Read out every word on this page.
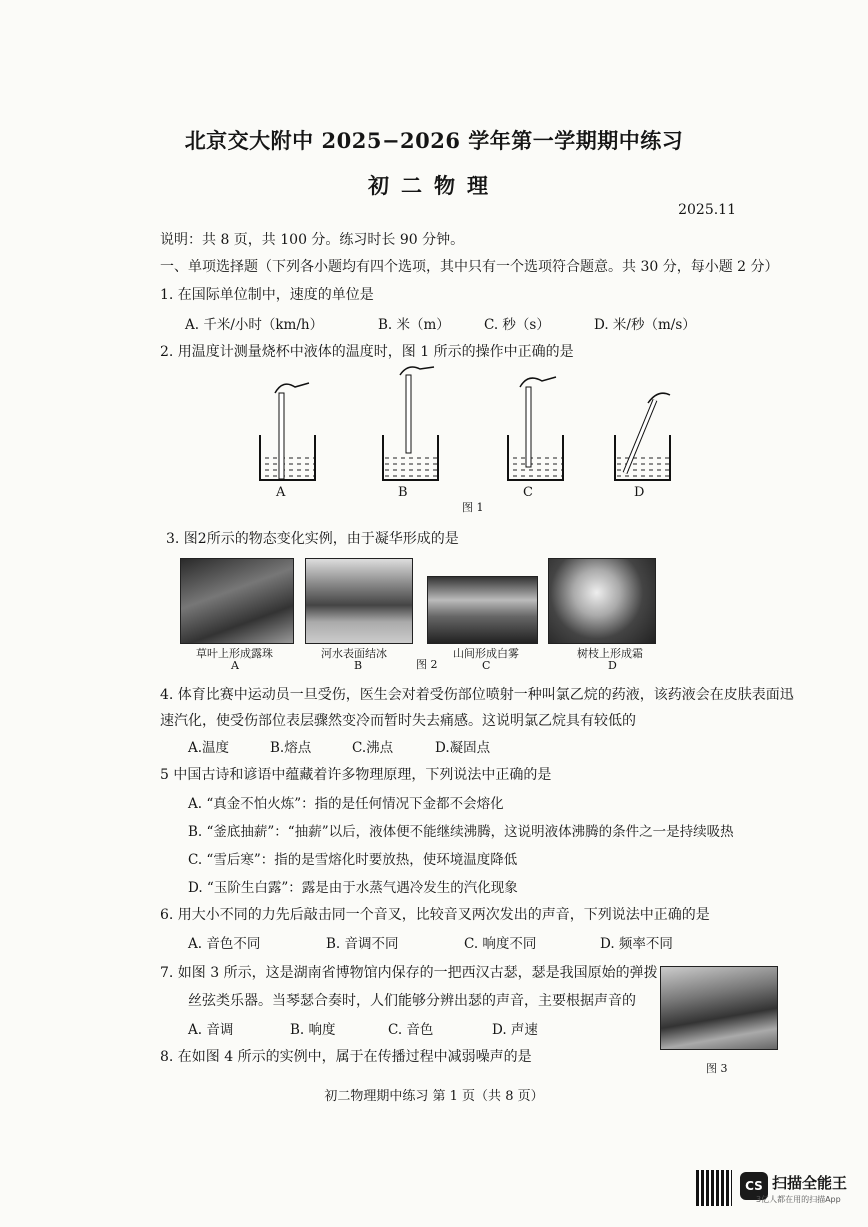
北京交大附中 2025−2026 学年第一学期期中练习
初二物理
2025.11
说明：共 8 页，共 100 分。练习时长 90 分钟。
一、单项选择题（下列各小题均有四个选项，其中只有一个选项符合题意。共 30 分，每小题 2 分）
1. 在国际单位制中，速度的单位是
A. 千米/小时（km/h）	B. 米（m）	C. 秒（s）	D. 米/秒（m/s）
2. 用温度计测量烧杯中液体的温度时，图 1 所示的操作中正确的是
A	B	C	D
图 1
3. 图2所示的物态变化实例，由于凝华形成的是
草叶上形成露珠	河水表面结冰	山间形成白雾	树枝上形成霜
A	B	C	D
图 2
4. 体育比赛中运动员一旦受伤，医生会对着受伤部位喷射一种叫氯乙烷的药液，该药液会在皮肤表面迅
速汽化，使受伤部位表层骤然变冷而暂时失去痛感。这说明氯乙烷具有较低的
A.温度	B.熔点	C.沸点	D.凝固点
5 中国古诗和谚语中蕴藏着许多物理原理，下列说法中正确的是
A. “真金不怕火炼”：指的是任何情况下金都不会熔化
B. “釜底抽薪”：“抽薪”以后，液体便不能继续沸腾，这说明液体沸腾的条件之一是持续吸热
C. “雪后寒”：指的是雪熔化时要放热，使环境温度降低
D. “玉阶生白露”：露是由于水蒸气遇冷发生的汽化现象
6. 用大小不同的力先后敲击同一个音叉，比较音叉两次发出的声音，下列说法中正确的是
A. 音色不同	B. 音调不同	C. 响度不同	D. 频率不同
7. 如图 3 所示，这是湖南省博物馆内保存的一把西汉古瑟，瑟是我国原始的弹拨
丝弦类乐器。当琴瑟合奏时，人们能够分辨出瑟的声音，主要根据声音的
A. 音调	B. 响度	C. 音色	D. 声速
图 3
8. 在如图 4 所示的实例中，属于在传播过程中减弱噪声的是
初二物理期中练习 第 1 页（共 8 页）
CS 扫描全能王
3亿人都在用的扫描App
